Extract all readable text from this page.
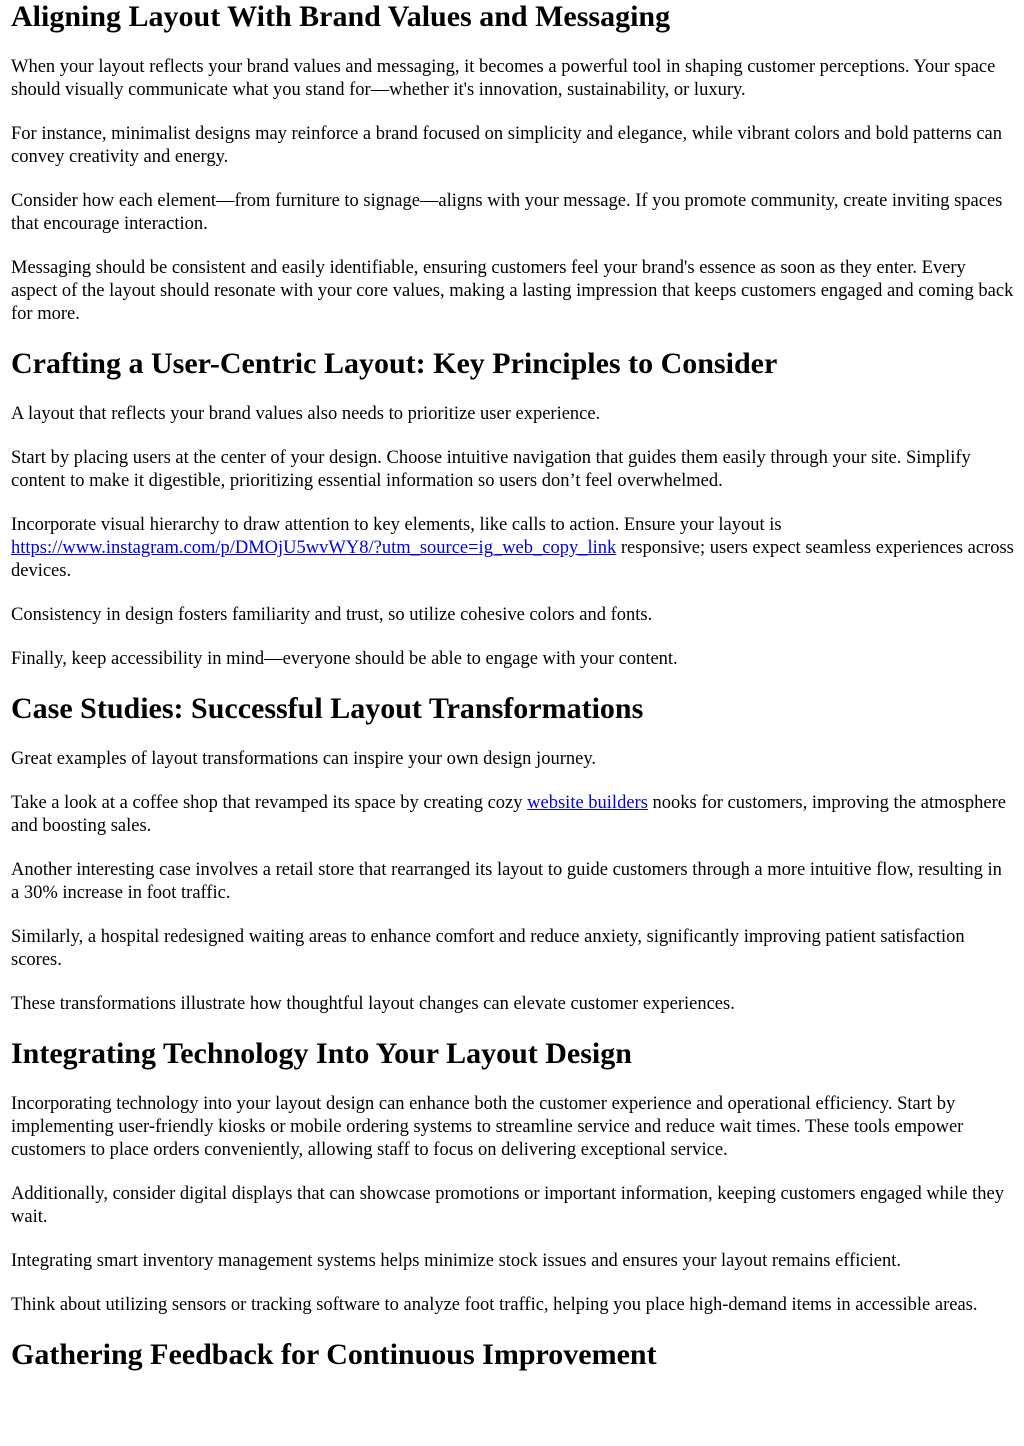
Aligning Layout With Brand Values and Messaging

When your layout reflects your brand values and messaging, it becomes a powerful tool in shaping customer perceptions. Your space should visually communicate what you stand for—whether it's innovation, sustainability, or luxury.

For instance, minimalist designs may reinforce a brand focused on simplicity and elegance, while vibrant colors and bold patterns can convey creativity and energy.

Consider how each element—from furniture to signage—aligns with your message. If you promote community, create inviting spaces that encourage interaction.

Messaging should be consistent and easily identifiable, ensuring customers feel your brand's essence as soon as they enter. Every aspect of the layout should resonate with your core values, making a lasting impression that keeps customers engaged and coming back for more.

Crafting a User-Centric Layout: Key Principles to Consider

A layout that reflects your brand values also needs to prioritize user experience.

Start by placing users at the center of your design. Choose intuitive navigation that guides them easily through your site. Simplify content to make it digestible, prioritizing essential information so users don’t feel overwhelmed.

Incorporate visual hierarchy to draw attention to key elements, like calls to action. Ensure your layout is https://www.instagram.com/p/DMOjU5wvWY8/?utm_source=ig_web_copy_link responsive; users expect seamless experiences across devices.

Consistency in design fosters familiarity and trust, so utilize cohesive colors and fonts.

Finally, keep accessibility in mind—everyone should be able to engage with your content.

Case Studies: Successful Layout Transformations

Great examples of layout transformations can inspire your own design journey.

Take a look at a coffee shop that revamped its space by creating cozy website builders nooks for customers, improving the atmosphere and boosting sales.

Another interesting case involves a retail store that rearranged its layout to guide customers through a more intuitive flow, resulting in a 30% increase in foot traffic.

Similarly, a hospital redesigned waiting areas to enhance comfort and reduce anxiety, significantly improving patient satisfaction scores.

These transformations illustrate how thoughtful layout changes can elevate customer experiences.

Integrating Technology Into Your Layout Design

Incorporating technology into your layout design can enhance both the customer experience and operational efficiency. Start by implementing user-friendly kiosks or mobile ordering systems to streamline service and reduce wait times. These tools empower customers to place orders conveniently, allowing staff to focus on delivering exceptional service.

Additionally, consider digital displays that can showcase promotions or important information, keeping customers engaged while they wait.

Integrating smart inventory management systems helps minimize stock issues and ensures your layout remains efficient.

Think about utilizing sensors or tracking software to analyze foot traffic, helping you place high-demand items in accessible areas.

Gathering Feedback for Continuous Improvement
